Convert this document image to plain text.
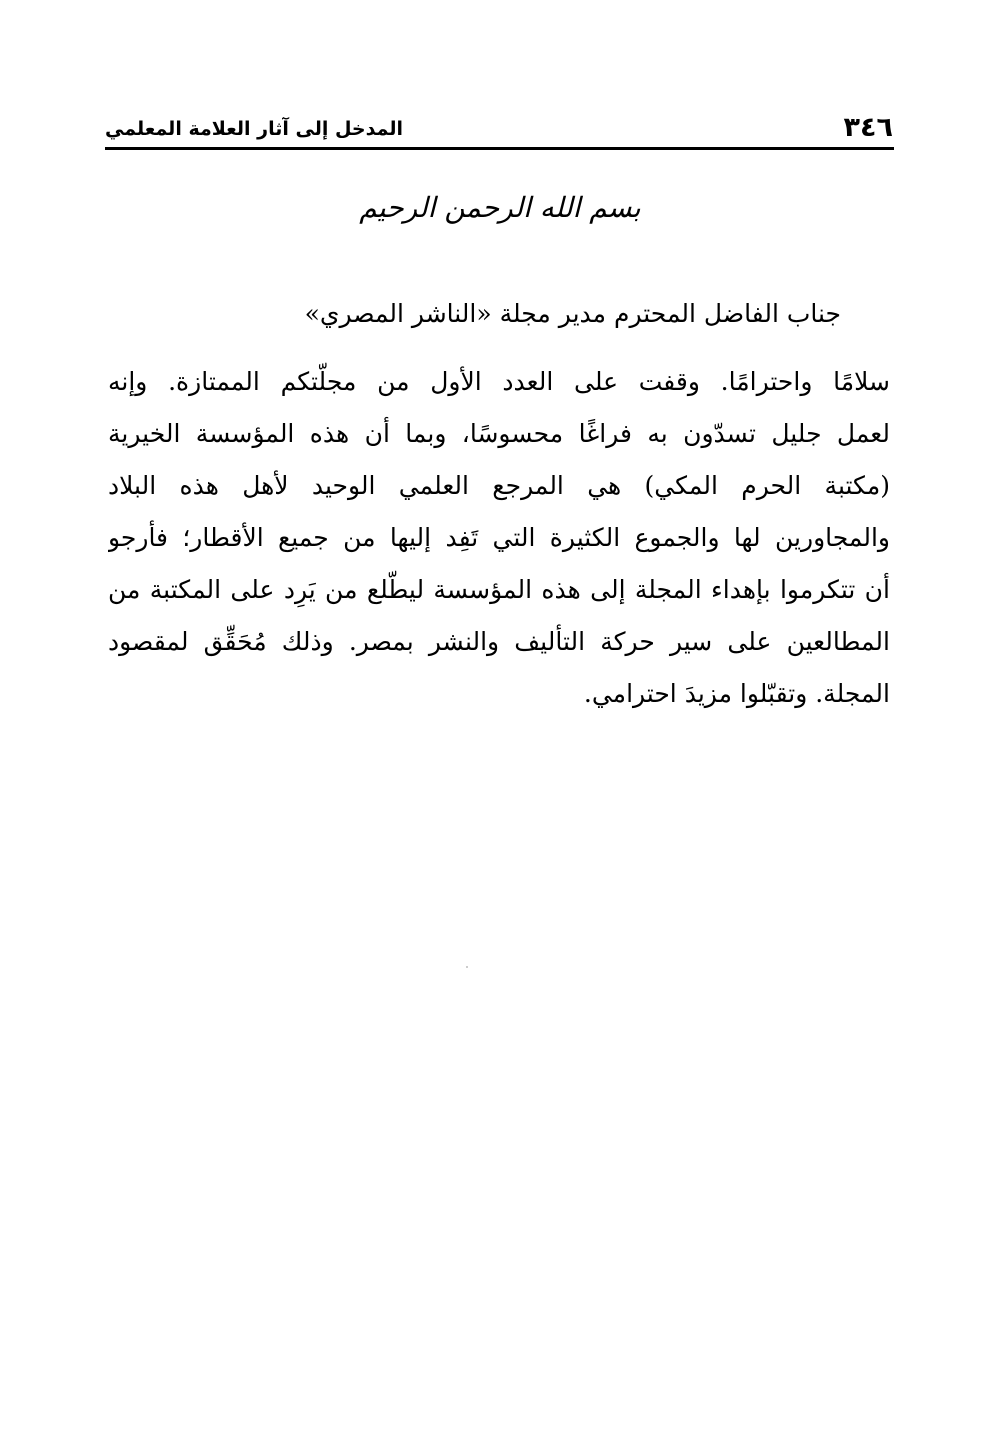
٣٤٦
المدخل إلى آثار العلامة المعلمي
بسم الله الرحمن الرحيم
جناب الفاضل المحترم مدير مجلة «الناشر المصري»
سلامًا واحترامًا. وقفت على العدد الأول من مجلّتكم الممتازة. وإنه
لعمل جليل تسدّون به فراغًا محسوسًا، وبما أن هذه المؤسسة الخيرية
(مكتبة الحرم المكي) هي المرجع العلمي الوحيد لأهل هذه البلاد
والمجاورين لها والجموع الكثيرة التي تَفِد إليها من جميع الأقطار؛ فأرجو
أن تتكرموا بإهداء المجلة إلى هذه المؤسسة ليطّلع من يَرِد على المكتبة من
المطالعين على سير حركة التأليف والنشر بمصر. وذلك مُحَقِّق لمقصود
المجلة. وتقبّلوا مزيدَ احترامي.
